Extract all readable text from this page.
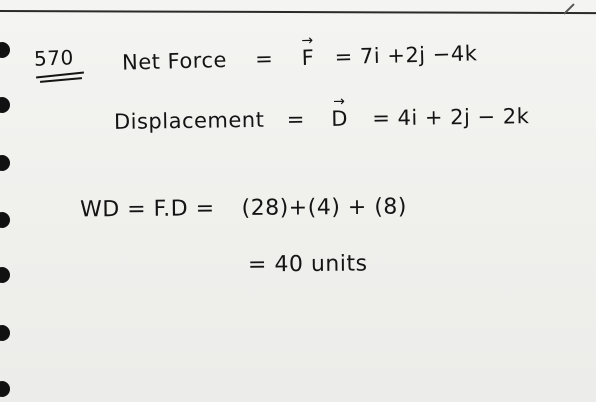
570 Net Force =
→
F = 7i +2j −4k
Displacement =
→
D = 4i + 2j − 2k
WD = F.D = (28)+(4) + (8)
= 40 units
